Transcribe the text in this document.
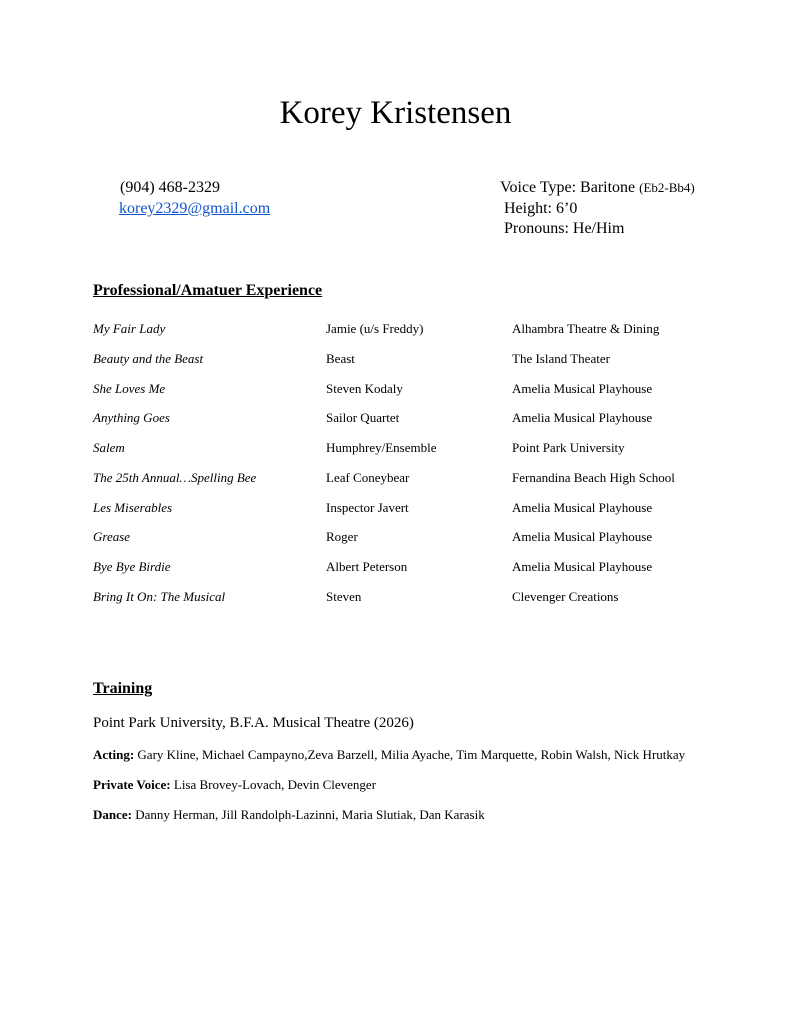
Korey Kristensen
(904) 468-2329
korey2329@gmail.com
Voice Type: Baritone (Eb2-Bb4)
Height: 6’0
Pronouns: He/Him
Professional/Amatuer Experience
My Fair Lady	Jamie (u/s Freddy)	Alhambra Theatre & Dining
Beauty and the Beast	Beast	The Island Theater
She Loves Me	Steven Kodaly	Amelia Musical Playhouse
Anything Goes	Sailor Quartet	Amelia Musical Playhouse
Salem	Humphrey/Ensemble	Point Park University
The 25th Annual…Spelling Bee	Leaf Coneybear	Fernandina Beach High School
Les Miserables	Inspector Javert	Amelia Musical Playhouse
Grease	Roger	Amelia Musical Playhouse
Bye Bye Birdie	Albert Peterson	Amelia Musical Playhouse
Bring It On: The Musical	Steven	Clevenger Creations
Training
Point Park University, B.F.A. Musical Theatre (2026)
Acting: Gary Kline, Michael Campayno,Zeva Barzell, Milia Ayache, Tim Marquette, Robin Walsh, Nick Hrutkay
Private Voice: Lisa Brovey-Lovach, Devin Clevenger
Dance: Danny Herman, Jill Randolph-Lazinni, Maria Slutiak, Dan Karasik
